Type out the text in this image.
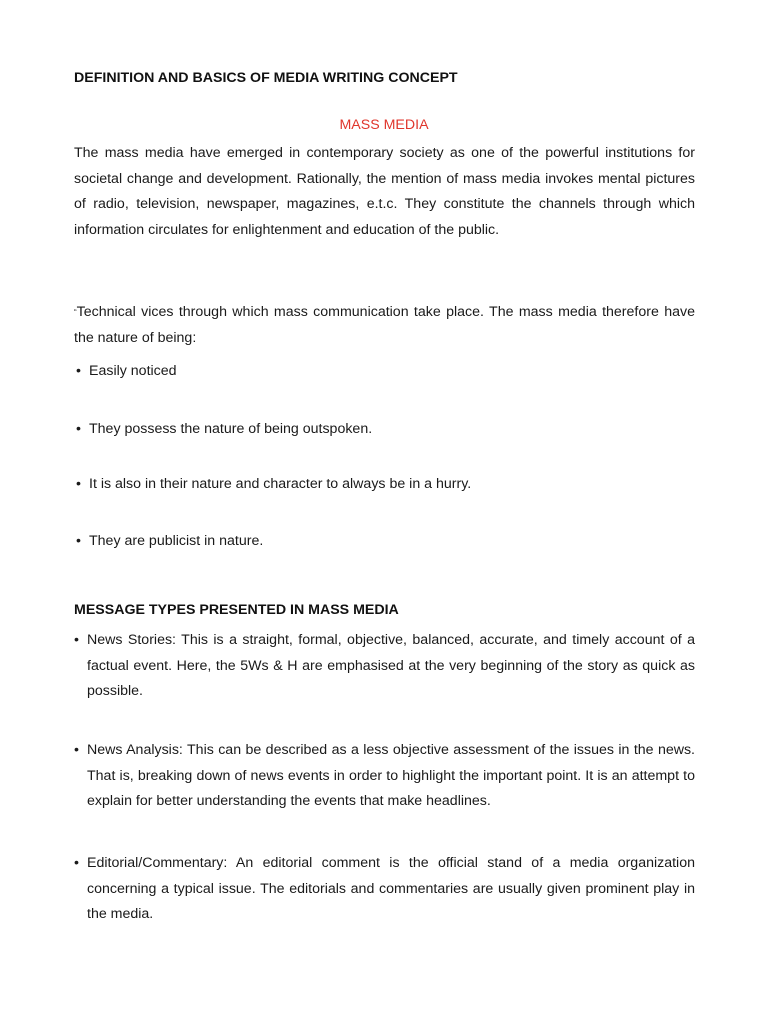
DEFINITION AND BASICS OF MEDIA WRITING CONCEPT
MASS MEDIA
The mass media have emerged in contemporary society as one of the powerful institutions for societal change and development. Rationally, the mention of mass media invokes mental pictures of radio, television, newspaper, magazines, e.t.c. They constitute the channels through which information circulates for enlightenment and education of the public.
“Technical vices through which mass communication take place. The mass media therefore have the nature of being:
• Easily noticed
• They possess the nature of being outspoken.
• It is also in their nature and character to always be in a hurry.
• They are publicist in nature.
MESSAGE TYPES PRESENTED IN MASS MEDIA
• News Stories: This is a straight, formal, objective, balanced, accurate, and timely account of a factual event. Here, the 5Ws & H are emphasised at the very beginning of the story as quick as possible.
• News Analysis: This can be described as a less objective assessment of the issues in the news. That is, breaking down of news events in order to highlight the important point. It is an attempt to explain for better understanding the events that make headlines.
• Editorial/Commentary: An editorial comment is the official stand of a media organization concerning a typical issue. The editorials and commentaries are usually given prominent play in the media.
